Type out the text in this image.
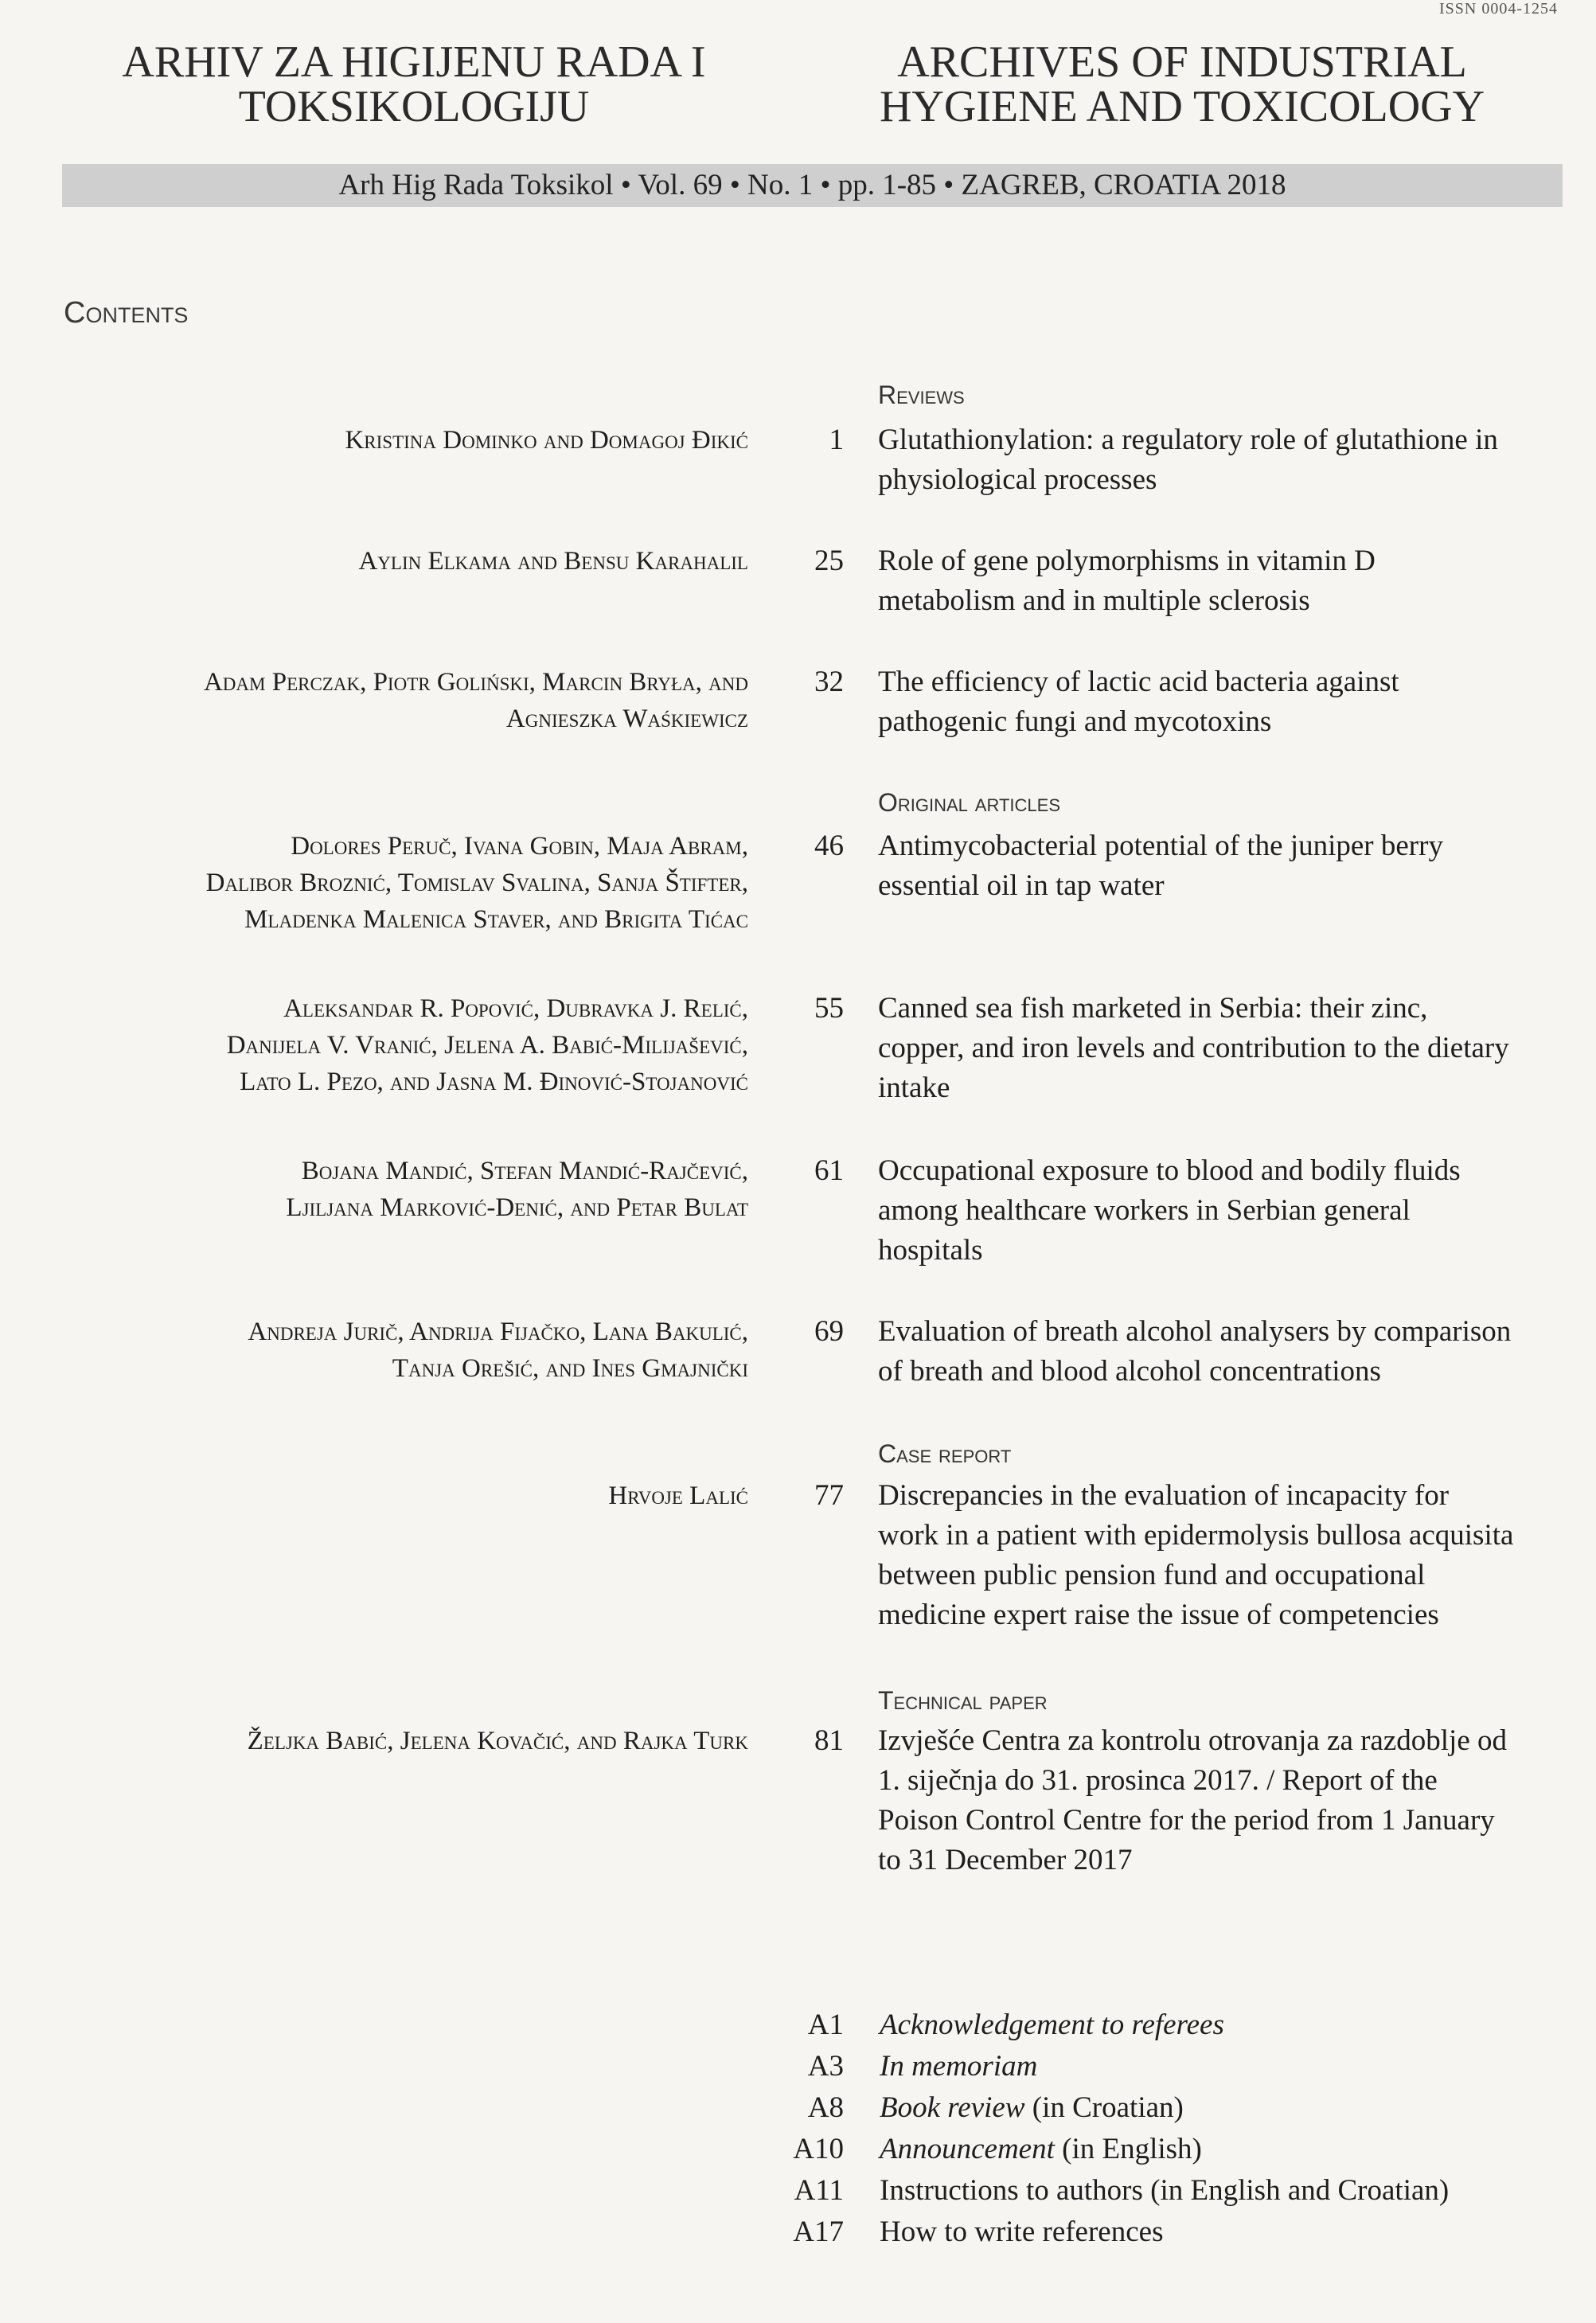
ISSN 0004-1254
ARHIV ZA HIGIJENU RADA I
TOKSIKOLOGIJU
ARCHIVES OF INDUSTRIAL
HYGIENE AND TOXICOLOGY
Arh Hig Rada Toksikol • Vol. 69 • No. 1 • pp. 1-85 • ZAGREB, CROATIA 2018
Contents
Reviews
Original articles
Case report
Technical paper
Kristina Dominko and Domagoj Đikić	1 Glutathionylation: a regulatory role of glutathione in
physiological processes
Aylin Elkama and Bensu Karahalil	25 Role of gene polymorphisms in vitamin D
metabolism and in multiple sclerosis
Adam Perczak, Piotr Goliński, Marcin Bryła, and
Agnieszka Waśkiewicz
32 The efficiency of lactic acid bacteria against
pathogenic fungi and mycotoxins
Dolores Peruč, Ivana Gobin, Maja Abram,
Dalibor Broznić, Tomislav Svalina, Sanja Štifter,
Mladenka Malenica Staver, and Brigita Tićac
46 Antimycobacterial potential of the juniper berry
essential oil in tap water
Aleksandar R. Popović, Dubravka J. Relić,
Danijela V. Vranić, Jelena A. Babić-Milijašević,
Lato L. Pezo, and Jasna M. Đinović-Stojanović
55 Canned sea fish marketed in Serbia: their zinc,
copper, and iron levels and contribution to the dietary
intake
Bojana Mandić, Stefan Mandić-Rajčević,
Ljiljana Marković-Denić, and Petar Bulat
61 Occupational exposure to blood and bodily fluids
among healthcare workers in Serbian general
hospitals
Andreja Jurič, Andrija Fijačko, Lana Bakulić,
Tanja Orešić, and Ines Gmajnički
69 Evaluation of breath alcohol analysers by comparison
of breath and blood alcohol concentrations
Hrvoje Lalić	77 Discrepancies in the evaluation of incapacity for
work in a patient with epidermolysis bullosa acquisita
between public pension fund and occupational
medicine expert raise the issue of competencies
Željka Babić, Jelena Kovačić, and Rajka Turk	81 Izvješće Centra za kontrolu otrovanja za razdoblje od
1. siječnja do 31. prosinca 2017. / Report of the
Poison Control Centre for the period from 1 January
to 31 December 2017
A1 Acknowledgement to referees
A3 In memoriam
A8 Book review (in Croatian)
A10 Announcement (in English)
A11 Instructions to authors (in English and Croatian)
A17 How to write references
